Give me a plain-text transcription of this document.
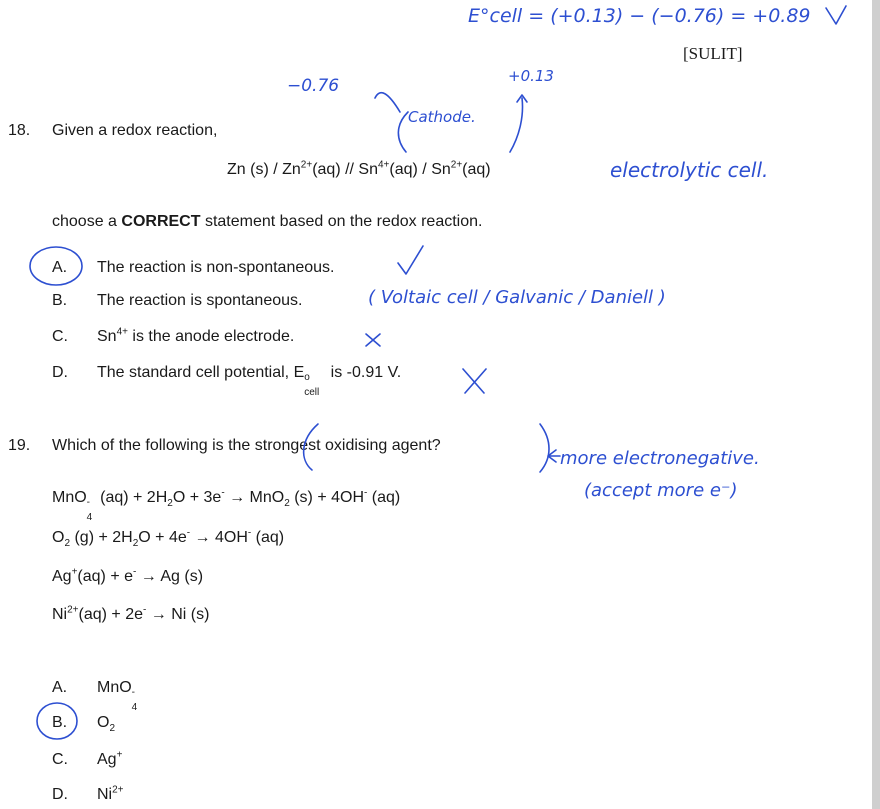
E°cell = (+0.13) − (−0.76) = +0.89
−0.76	+0.13
Cathode.
electrolytic cell.
( Voltaic cell / Galvanic / Daniell )
more electronegative.
(accept more e⁻)
[SULIT]
18. Given a redox reaction,
Zn $(s) / Zn^{2+}(aq) // Sn^{4+}(aq) / Sn^{2+}(aq)$
choose a CORRECT statement based on the redox reaction.
A. The reaction is non-spontaneous.
B. The reaction is spontaneous.
C. $Sn^{4+}$ is the anode electrode.
D. The standard cell potential, E o
cell
is -0.91 V.
19. Which of the following is the strongest oxidising agent?
MnO -
4
$(aq) + 2H_2O + 3e^- \to MnO_2$ (s) + 4OH- (aq)
$O_2$ $(g) + 2H_2O + 4e^- \to 4OH^-$ (aq)
Ag+(aq) + e- → Ag (s)
$Ni^{2+}(aq) + 2e^- \to Ni$ (s)
A. MnO -
4
B. $O_2$
C. Ag+
D. $Ni^{2+}$
